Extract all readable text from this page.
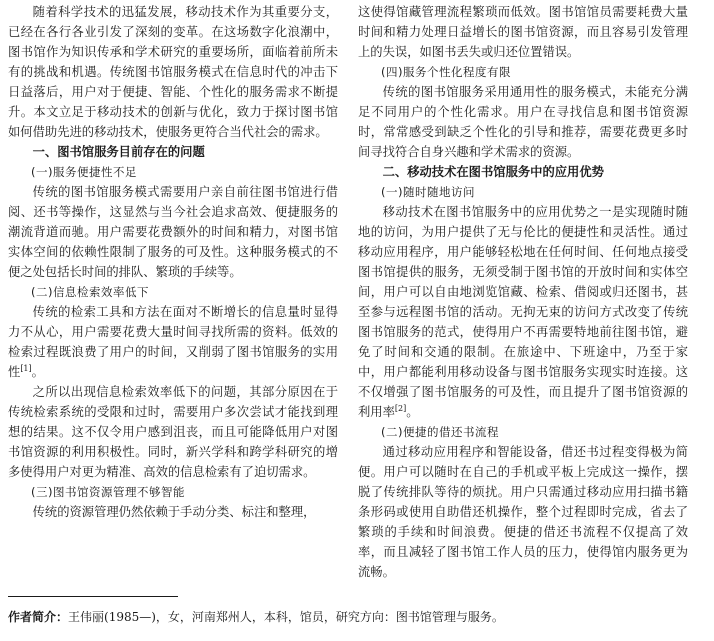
随着科学技术的迅猛发展，移动技术作为其重要分支，已经在各行各业引发了深刻的变革。在这场数字化浪潮中，图书馆作为知识传承和学术研究的重要场所，面临着前所未有的挑战和机遇。传统图书馆服务模式在信息时代的冲击下日益落后，用户对于便捷、智能、个性化的服务需求不断提升。本文立足于移动技术的创新与优化，致力于探讨图书馆如何借助先进的移动技术，使服务更符合当代社会的需求。

一、图书馆服务目前存在的问题

(一)服务便捷性不足

传统的图书馆服务模式需要用户亲自前往图书馆进行借阅、还书等操作，这显然与当今社会追求高效、便捷服务的潮流背道而驰。用户需要花费额外的时间和精力，对图书馆实体空间的依赖性限制了服务的可及性。这种服务模式的不便之处包括长时间的排队、繁琐的手续等。

(二)信息检索效率低下

传统的检索工具和方法在面对不断增长的信息量时显得力不从心，用户需要花费大量时间寻找所需的资料。低效的检索过程既浪费了用户的时间，又削弱了图书馆服务的实用性[1]。

之所以出现信息检索效率低下的问题，其部分原因在于传统检索系统的受限和过时，需要用户多次尝试才能找到理想的结果。这不仅令用户感到沮丧，而且可能降低用户对图书馆资源的利用积极性。同时，新兴学科和跨学科研究的增多使得用户对更为精准、高效的信息检索有了迫切需求。

(三)图书馆资源管理不够智能

传统的资源管理仍然依赖于手动分类、标注和整理，

这使得馆藏管理流程繁琐而低效。图书馆馆员需要耗费大量时间和精力处理日益增长的图书馆资源，而且容易引发管理上的失误，如图书丢失或归还位置错误。

(四)服务个性化程度有限

传统的图书馆服务采用通用性的服务模式，未能充分满足不同用户的个性化需求。用户在寻找信息和图书馆资源时，常常感受到缺乏个性化的引导和推荐，需要花费更多时间寻找符合自身兴趣和学术需求的资源。

二、移动技术在图书馆服务中的应用优势

(一)随时随地访问

移动技术在图书馆服务中的应用优势之一是实现随时随地的访问，为用户提供了无与伦比的便捷性和灵活性。通过移动应用程序，用户能够轻松地在任何时间、任何地点接受图书馆提供的服务，无须受制于图书馆的开放时间和实体空间，用户可以自由地浏览馆藏、检索、借阅或归还图书，甚至参与远程图书馆的活动。无拘无束的访问方式改变了传统图书馆服务的范式，使得用户不再需要特地前往图书馆，避免了时间和交通的限制。在旅途中、下班途中，乃至于家中，用户都能利用移动设备与图书馆服务实现实时连接。这不仅增强了图书馆服务的可及性，而且提升了图书馆资源的利用率[2]。

(二)便捷的借还书流程

通过移动应用程序和智能设备，借还书过程变得极为简便。用户可以随时在自己的手机或平板上完成这一操作，摆脱了传统排队等待的烦扰。用户只需通过移动应用扫描书籍条形码或使用自助借还机操作，整个过程即时完成，省去了繁琐的手续和时间浪费。便捷的借还书流程不仅提高了效率，而且减轻了图书馆工作人员的压力，使得馆内服务更为流畅。

作者简介：王伟丽(1985—)，女，河南郑州人，本科，馆员，研究方向：图书馆管理与服务。
